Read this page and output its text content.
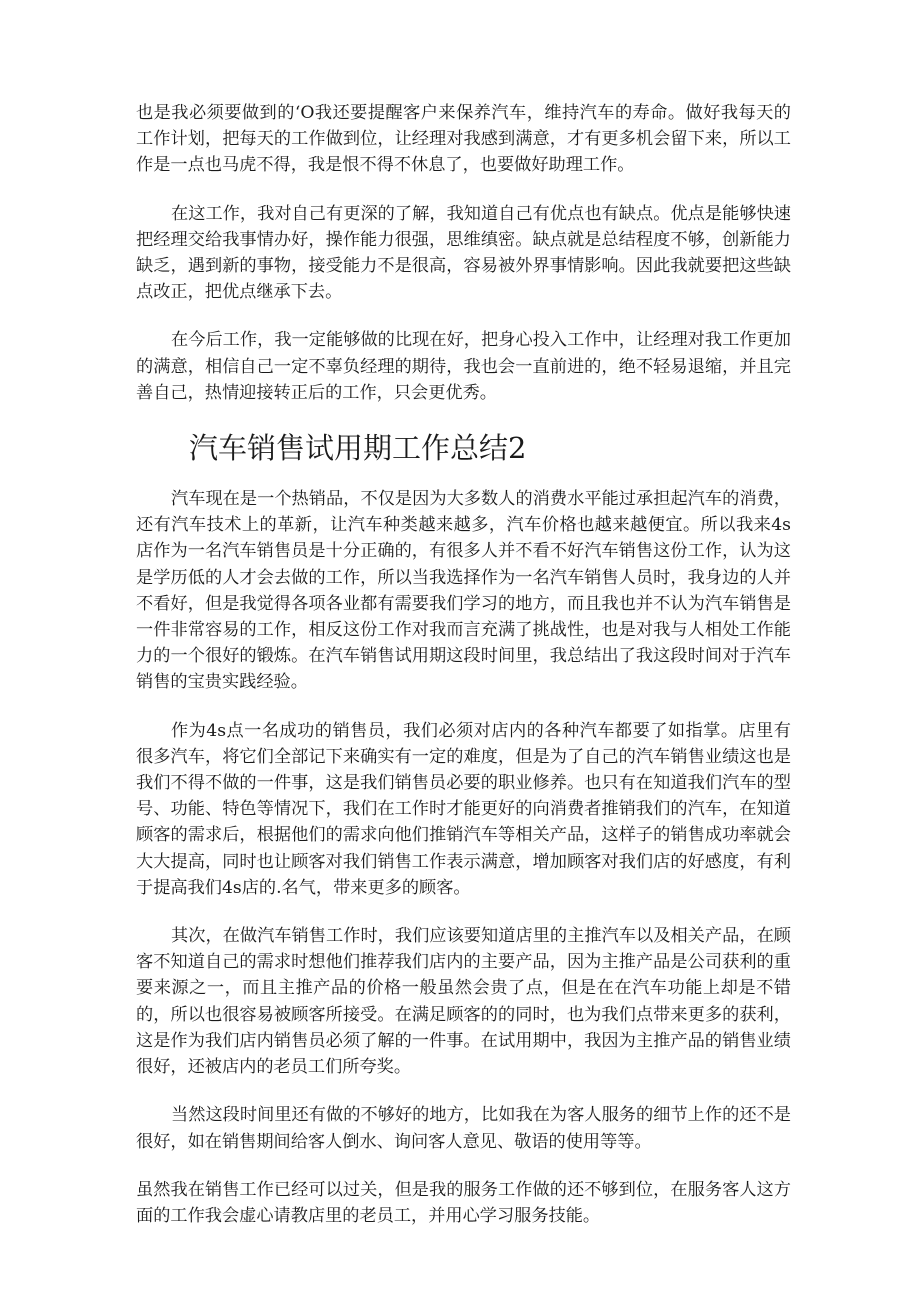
也是我必须要做到的‘O我还要提醒客户来保养汽车，维持汽车的寿命。做好我每天的工作计划，把每天的工作做到位，让经理对我感到满意，才有更多机会留下来，所以工作是一点也马虎不得，我是恨不得不休息了，也要做好助理工作。

在这工作，我对自己有更深的了解，我知道自己有优点也有缺点。优点是能够快速把经理交给我事情办好，操作能力很强，思维缜密。缺点就是总结程度不够，创新能力缺乏，遇到新的事物，接受能力不是很高，容易被外界事情影响。因此我就要把这些缺点改正，把优点继承下去。

在今后工作，我一定能够做的比现在好，把身心投入工作中，让经理对我工作更加的满意，相信自己一定不辜负经理的期待，我也会一直前进的，绝不轻易退缩，并且完善自己，热情迎接转正后的工作，只会更优秀。

汽车销售试用期工作总结2

汽车现在是一个热销品，不仅是因为大多数人的消费水平能过承担起汽车的消费，还有汽车技术上的革新，让汽车种类越来越多，汽车价格也越来越便宜。所以我来4s店作为一名汽车销售员是十分正确的，有很多人并不看不好汽车销售这份工作，认为这是学历低的人才会去做的工作，所以当我选择作为一名汽车销售人员时，我身边的人并不看好，但是我觉得各项各业都有需要我们学习的地方，而且我也并不认为汽车销售是一件非常容易的工作，相反这份工作对我而言充满了挑战性，也是对我与人相处工作能力的一个很好的锻炼。在汽车销售试用期这段时间里，我总结出了我这段时间对于汽车销售的宝贵实践经验。

作为4s点一名成功的销售员，我们必须对店内的各种汽车都要了如指掌。店里有很多汽车，将它们全部记下来确实有一定的难度，但是为了自己的汽车销售业绩这也是我们不得不做的一件事，这是我们销售员必要的职业修养。也只有在知道我们汽车的型号、功能、特色等情况下，我们在工作时才能更好的向消费者推销我们的汽车，在知道顾客的需求后，根据他们的需求向他们推销汽车等相关产品，这样子的销售成功率就会大大提高，同时也让顾客对我们销售工作表示满意，增加顾客对我们店的好感度，有利于提高我们4s店的.名气，带来更多的顾客。

其次，在做汽车销售工作时，我们应该要知道店里的主推汽车以及相关产品，在顾客不知道自己的需求时想他们推荐我们店内的主要产品，因为主推产品是公司获利的重要来源之一，而且主推产品的价格一般虽然会贵了点，但是在在汽车功能上却是不错的，所以也很容易被顾客所接受。在满足顾客的的同时，也为我们点带来更多的获利，这是作为我们店内销售员必须了解的一件事。在试用期中，我因为主推产品的销售业绩很好，还被店内的老员工们所夸奖。

当然这段时间里还有做的不够好的地方，比如我在为客人服务的细节上作的还不是很好，如在销售期间给客人倒水、询问客人意见、敬语的使用等等。

虽然我在销售工作已经可以过关，但是我的服务工作做的还不够到位，在服务客人这方面的工作我会虚心请教店里的老员工，并用心学习服务技能。
